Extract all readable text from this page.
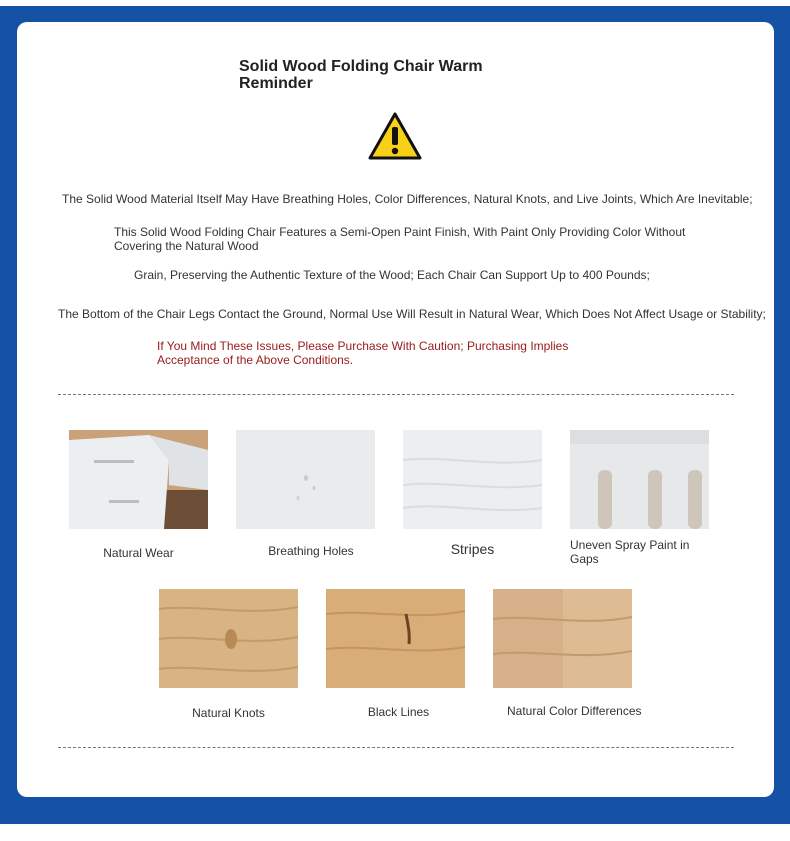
Solid Wood Folding Chair Warm Reminder
The Solid Wood Material Itself May Have Breathing Holes, Color Differences, Natural Knots, and Live Joints, Which Are Inevitable;
This Solid Wood Folding Chair Features a Semi-Open Paint Finish, With Paint Only Providing Color Without Covering the Natural Wood
Grain, Preserving the Authentic Texture of the Wood; Each Chair Can Support Up to 400 Pounds;
The Bottom of the Chair Legs Contact the Ground, Normal Use Will Result in Natural Wear, Which Does Not Affect Usage or Stability;
If You Mind These Issues, Please Purchase With Caution; Purchasing Implies Acceptance of the Above Conditions.
Natural Wear	Breathing Holes	Stripes	Uneven Spray Paint in Gaps
Natural Knots	Black Lines	Natural Color Differences
